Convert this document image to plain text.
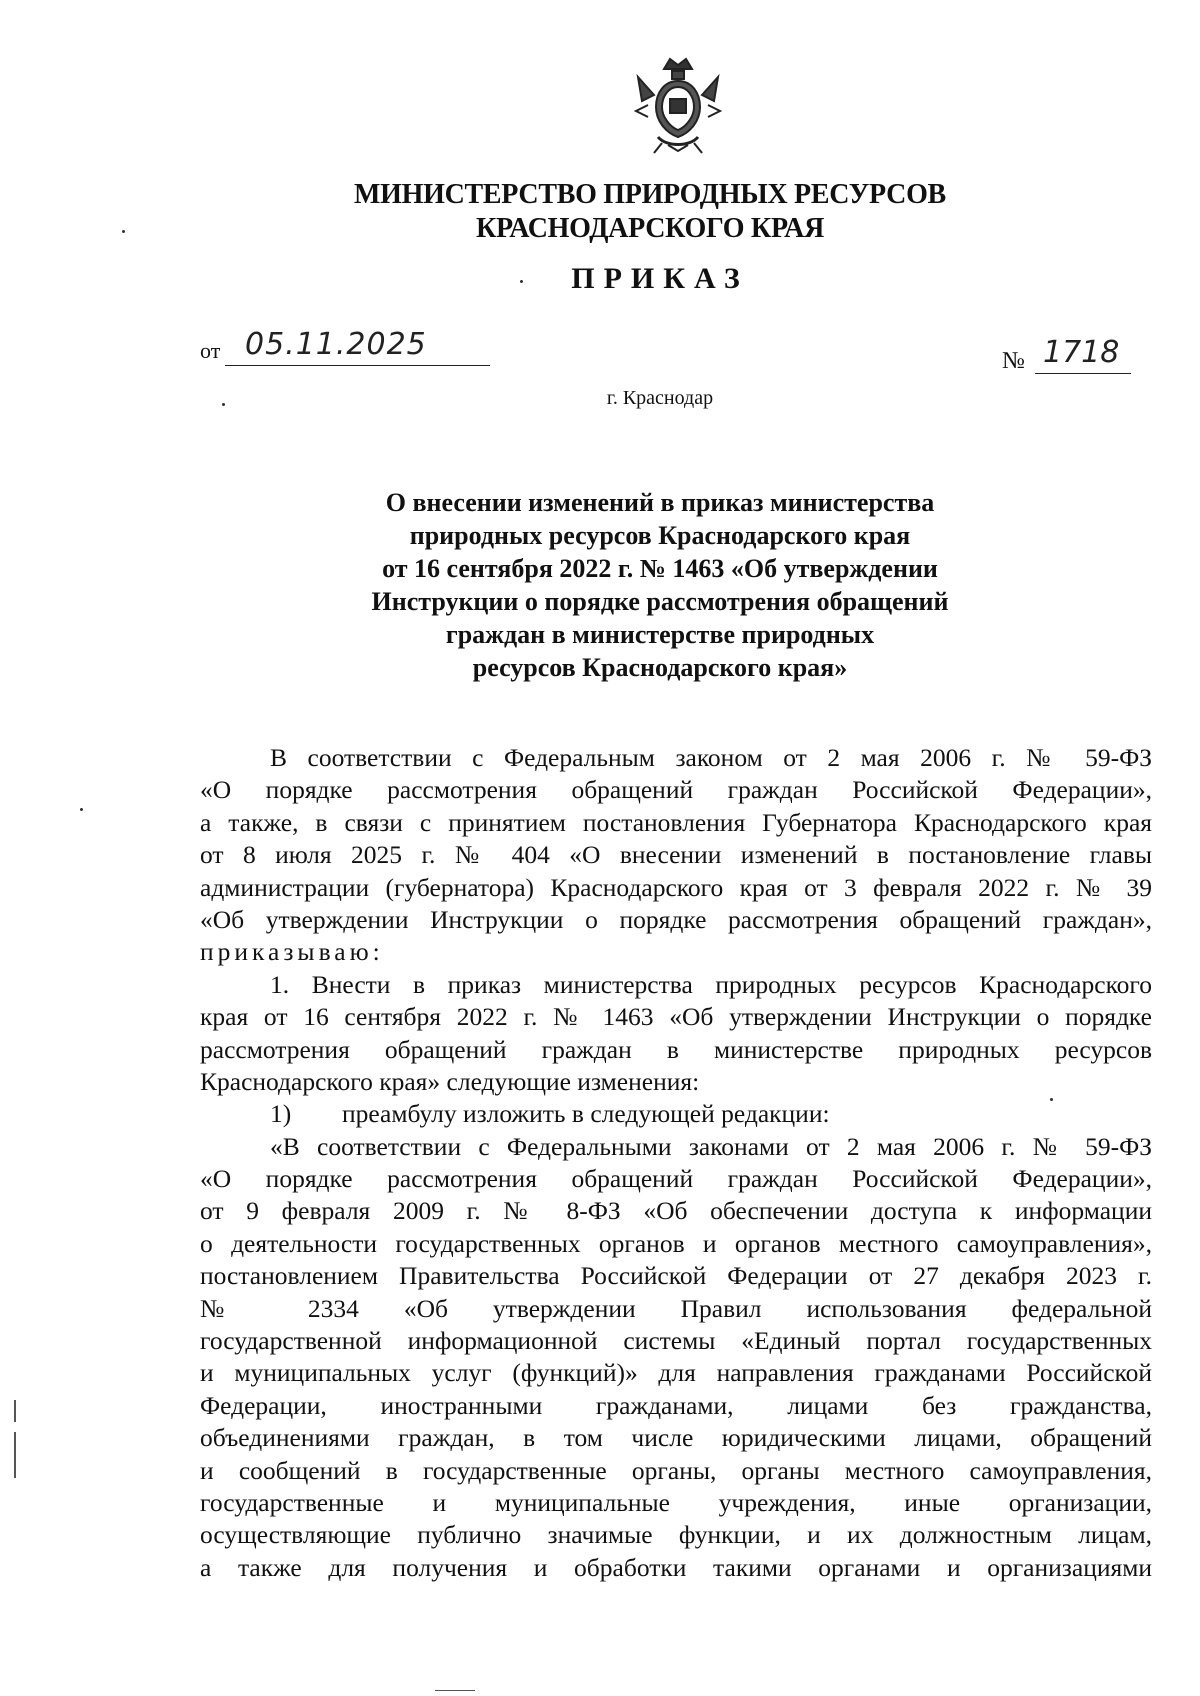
МИНИСТЕРСТВО ПРИРОДНЫХ РЕСУРСОВ
КРАСНОДАРСКОГО КРАЯ
ПРИКАЗ
от 05.11.2025	№ 1718
г. Краснодар
О внесении изменений в приказ министерства
природных ресурсов Краснодарского края
от 16 сентября 2022 г. № 1463 «Об утверждении
Инструкции о порядке рассмотрения обращений
граждан в министерстве природных
ресурсов Краснодарского края»
В соответствии с Федеральным законом от 2 мая 2006 г. № 59-ФЗ
«О порядке рассмотрения обращений граждан Российской Федерации»,
а также, в связи с принятием постановления Губернатора Краснодарского края
от 8 июля 2025 г. № 404 «О внесении изменений в постановление главы
администрации (губернатора) Краснодарского края от 3 февраля 2022 г. № 39
«Об утверждении Инструкции о порядке рассмотрения обращений граждан»,
приказываю:
1. Внести в приказ министерства природных ресурсов Краснодарского
края от 16 сентября 2022 г. № 1463 «Об утверждении Инструкции о порядке
рассмотрения обращений граждан в министерстве природных ресурсов
Краснодарского края» следующие изменения:
1) преамбулу изложить в следующей редакции:
«В соответствии с Федеральными законами от 2 мая 2006 г. № 59-ФЗ
«О порядке рассмотрения обращений граждан Российской Федерации»,
от 9 февраля 2009 г. № 8-ФЗ «Об обеспечении доступа к информации
о деятельности государственных органов и органов местного самоуправления»,
постановлением Правительства Российской Федерации от 27 декабря 2023 г.
№ 2334 «Об утверждении Правил использования федеральной
государственной информационной системы «Единый портал государственных
и муниципальных услуг (функций)» для направления гражданами Российской
Федерации, иностранными гражданами, лицами без гражданства,
объединениями граждан, в том числе юридическими лицами, обращений
и сообщений в государственные органы, органы местного самоуправления,
государственные и муниципальные учреждения, иные организации,
осуществляющие публично значимые функции, и их должностным лицам,
а также для получения и обработки такими органами и организациями
